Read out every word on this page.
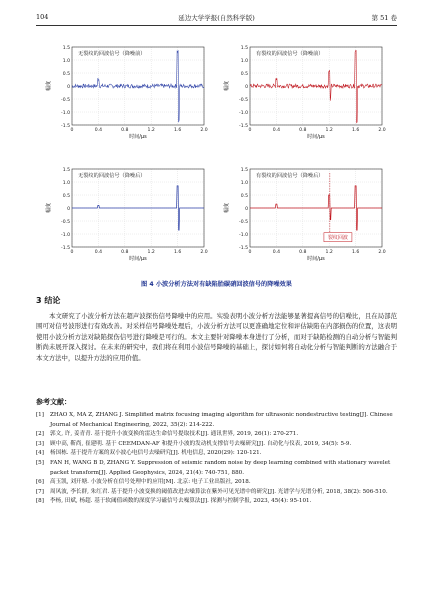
104	延边大学学报(自然科学版)	第 51 卷
无裂纹的回波信号（降噪前）
1.5
1.0
0.5
0
-0.5
-1.0
-1.5
0	0.4	0.8	1.2	1.6	2.0
时间/μs
幅度
有裂纹的回波信号（降噪前）
1.5
1.0
0.5
0
-0.5
-1.0
-1.5
0	0.4	0.8	1.2	1.6	2.0
时间/μs
幅度
无裂纹的回波信号（降噪后）
1.5
1.0
0.5
0
-0.5
-1.0
-1.5
0	0.4	0.8	1.2	1.6	2.0
时间/μs
幅度
有裂纹的回波信号（降噪后）
1.5
1.0
0.5
0
-0.5
-1.0
-1.5
0	0.4	0.8	1.2	1.6	2.0
裂纹回波
时间/μs
幅度
图 4 小波分析方法对有缺陷胎碳硝回波信号的降噪效果
3 结论
本文研究了小波分析方法在超声波探伤信号降噪中的应用。实验表明小波分析方法能够显著提高信号的信噪比，且在局部范围可对信号波形进行有效改善。对采样信号降噪处理后，小波分析方法可以更准确地定位和评估缺陷在内部损伤的位置，这表明使用小波分析方法对缺陷探伤信号进行降噪是可行的。本文主要针对降噪本身进行了分析，而对于缺陷检测的自动分析与智能判断尚未展开深入探讨。在未来的研究中，我们将在利用小波信号降噪的基础上，探讨如何将自动化分析与智能判断的方法融合于本文方法中，以提升方法的应用价值。
参考文献：
[1]	ZHAO X, MA Z, ZHANG J. Simplified matrix focusing imaging algorithm for ultrasonic nondestructive testing[J]. Chinese Journal of Mechanical Engineering, 2022, 35(2): 214-222.
[2]	郭文, 许, 姜青青. 基于提升小波变换的雷达生命信号提取技术[J]. 通讯世界, 2019, 26(1): 270-271.
[3]	顾中高, 靳尚, 崔建明. 基于 CEEMDAN-AF 和提升小波的发动机支撑信号去噪研究[J]. 自动化与仪表, 2019, 34(5): 5-9.
[4]	杨国栋. 基于提升方案的双小波心电信号去噪研究[J]. 机电信息, 2020(29): 120-121.
[5]	FAN H, WANG B D, ZHANG Y. Suppression of seismic random noise by deep learning combined with stationary wavelet packet transform[J]. Applied Geophysics, 2024, 21(4): 740-751, 880.
[6]	高玉凯, 刘开塘. 小波分析在信号处理中的应用[M]. 北京: 电子工业出版社, 2018.
[7]	周风波, 李长群, 朱红君. 基于提升小波变换的阈值改进去噪算法在紫外可见光谱中的研究[J]. 光谱学与光谱分析, 2018, 38(2): 506-510.
[8]	李杨, 田斌, 杨超. 基于软阈值函数的深度学习磁信号去噪算法[J]. 探测与控制学报, 2023, 45(4): 95-101.
